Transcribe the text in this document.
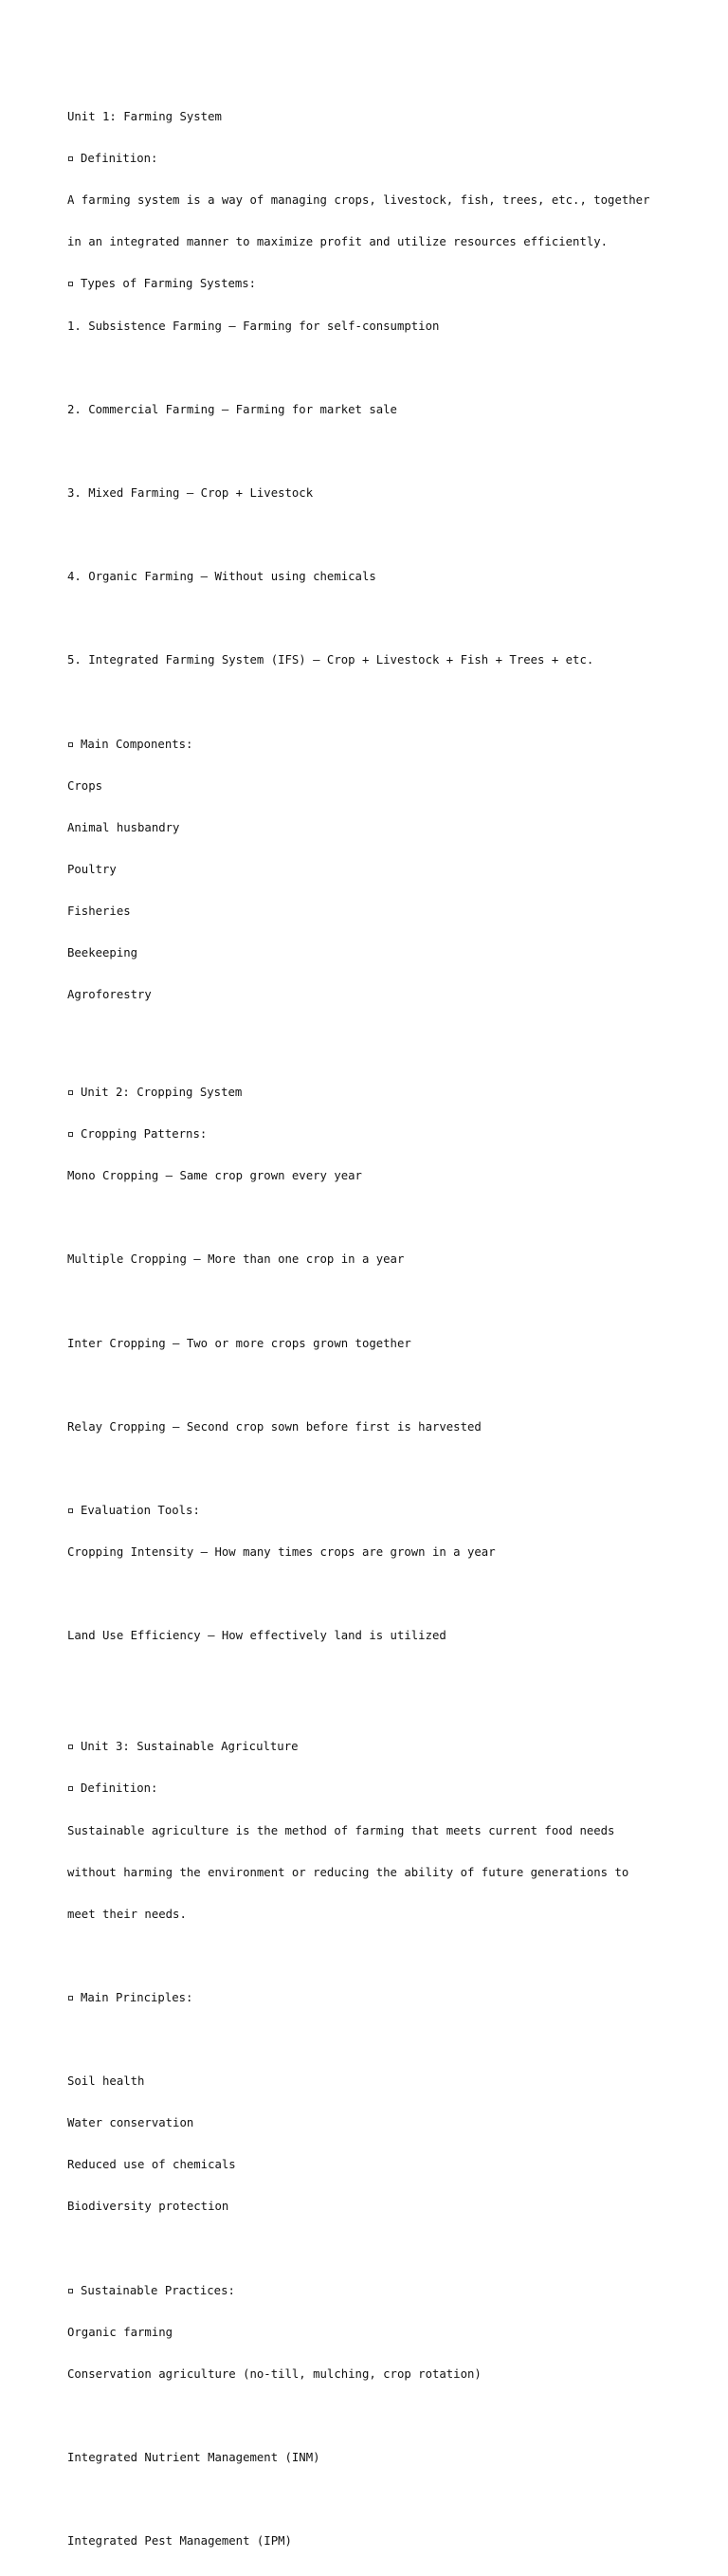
Unit 1: Farming System

Definition:

A farming system is a way of managing crops, livestock, fish, trees, etc., together

in an integrated manner to maximize profit and utilize resources efficiently.

Types of Farming Systems:

1. Subsistence Farming – Farming for self-consumption

2. Commercial Farming – Farming for market sale

3. Mixed Farming – Crop + Livestock

4. Organic Farming – Without using chemicals

5. Integrated Farming System (IFS) – Crop + Livestock + Fish + Trees + etc.

Main Components:

Crops

Animal husbandry

Poultry

Fisheries

Beekeeping

Agroforestry

Unit 2: Cropping System

Cropping Patterns:

Mono Cropping – Same crop grown every year

Multiple Cropping – More than one crop in a year

Inter Cropping – Two or more crops grown together

Relay Cropping – Second crop sown before first is harvested

Evaluation Tools:

Cropping Intensity – How many times crops are grown in a year

Land Use Efficiency – How effectively land is utilized

Unit 3: Sustainable Agriculture

Definition:

Sustainable agriculture is the method of farming that meets current food needs

without harming the environment or reducing the ability of future generations to

meet their needs.

Main Principles:

Soil health

Water conservation

Reduced use of chemicals

Biodiversity protection

Sustainable Practices:

Organic farming

Conservation agriculture (no-till, mulching, crop rotation)

Integrated Nutrient Management (INM)

Integrated Pest Management (IPM)
